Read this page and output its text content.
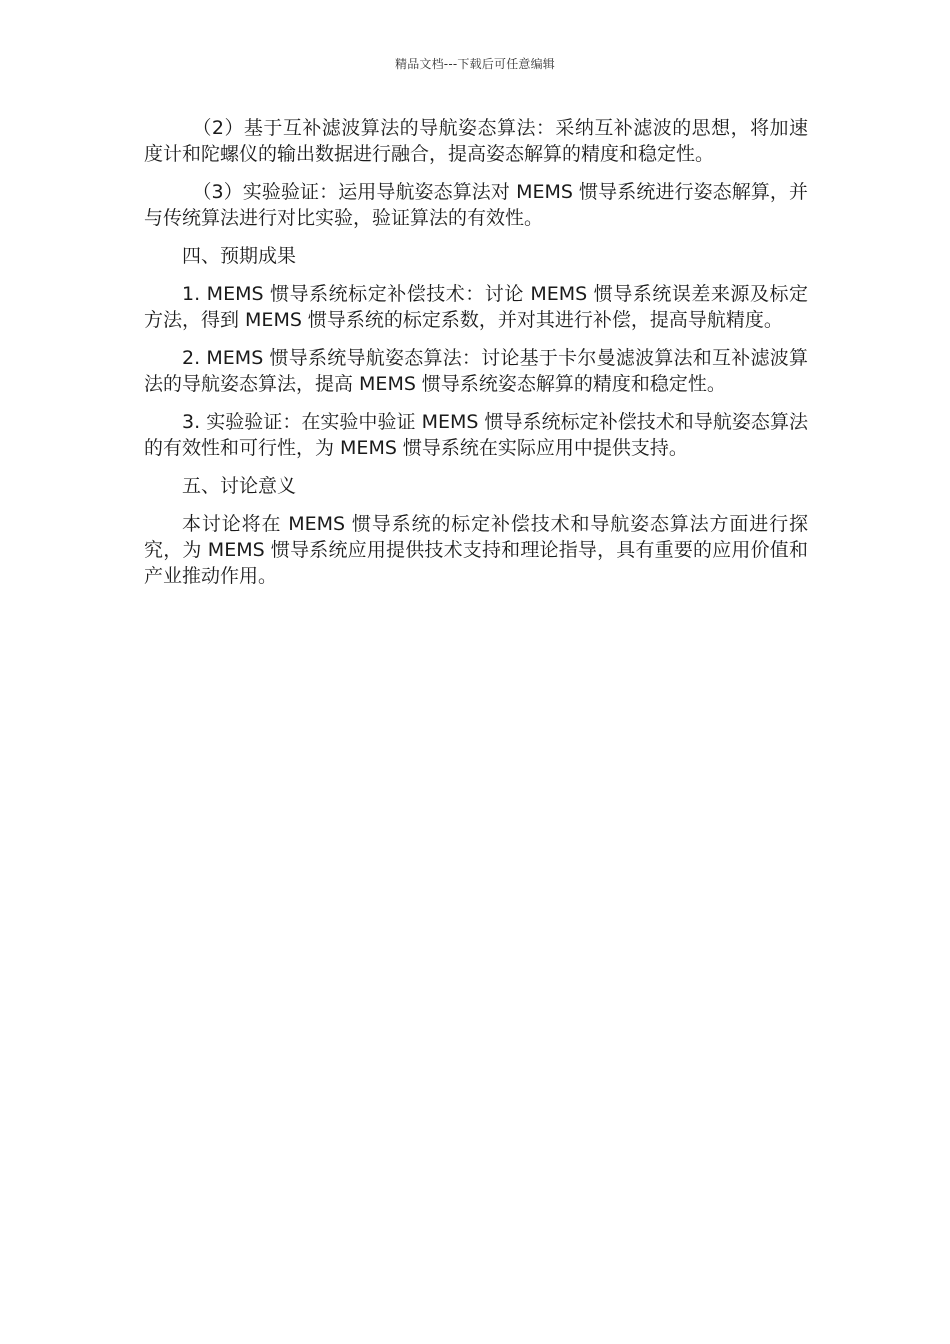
精品文档---下载后可任意编辑

（2）基于互补滤波算法的导航姿态算法：采纳互补滤波的思想，将加速度计和陀螺仪的输出数据进行融合，提高姿态解算的精度和稳定性。

（3）实验验证：运用导航姿态算法对 MEMS 惯导系统进行姿态解算，并与传统算法进行对比实验，验证算法的有效性。

四、预期成果

1. MEMS 惯导系统标定补偿技术：讨论 MEMS 惯导系统误差来源及标定方法，得到 MEMS 惯导系统的标定系数，并对其进行补偿，提高导航精度。

2. MEMS 惯导系统导航姿态算法：讨论基于卡尔曼滤波算法和互补滤波算法的导航姿态算法，提高 MEMS 惯导系统姿态解算的精度和稳定性。

3. 实验验证：在实验中验证 MEMS 惯导系统标定补偿技术和导航姿态算法的有效性和可行性，为 MEMS 惯导系统在实际应用中提供支持。

五、讨论意义

本讨论将在 MEMS 惯导系统的标定补偿技术和导航姿态算法方面进行探究，为 MEMS 惯导系统应用提供技术支持和理论指导，具有重要的应用价值和产业推动作用。
